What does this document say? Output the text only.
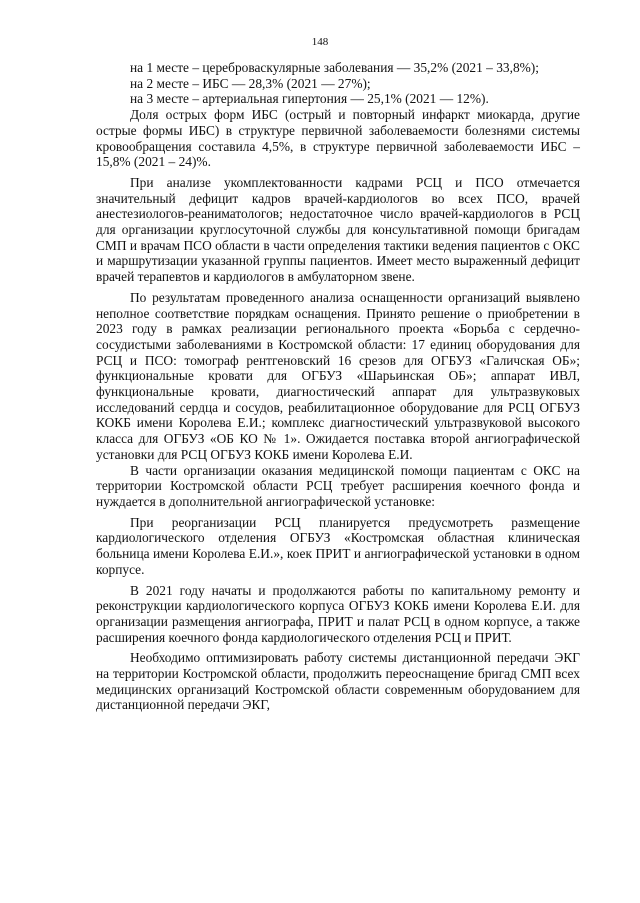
148

на 1 месте – цереброваскулярные заболевания — 35,2% (2021 – 33,8%);

на 2 месте – ИБС — 28,3% (2021 — 27%);

на 3 месте – артериальная гипертония — 25,1% (2021 — 12%).

Доля острых форм ИБС (острый и повторный инфаркт миокарда, другие острые формы ИБС) в структуре первичной заболеваемости болезнями системы кровообращения составила 4,5%, в структуре первичной заболеваемости ИБС –15,8% (2021 – 24)%.

При анализе укомплектованности кадрами РСЦ и ПСО отмечается значительный дефицит кадров врачей-кардиологов во всех ПСО, врачей анестезиологов-реаниматологов; недостаточное число врачей-кардиологов в РСЦ для организации круглосуточной службы для консультативной помощи бригадам СМП и врачам ПСО области в части определения тактики ведения пациентов с ОКС и маршрутизации указанной группы пациентов. Имеет место выраженный дефицит врачей терапевтов и кардиологов в амбулаторном звене.

По результатам проведенного анализа оснащенности организаций выявлено неполное соответствие порядкам оснащения. Принято решение о приобретении в 2023 году в рамках реализации регионального проекта «Борьба с сердечно-сосудистыми заболеваниями в Костромской области: 17 единиц оборудования для РСЦ и ПСО: томограф рентгеновский 16 срезов для ОГБУЗ «Галичская ОБ»; функциональные кровати для ОГБУЗ «Шарьинская ОБ»; аппарат ИВЛ, функциональные кровати, диагностический аппарат для ультразвуковых исследований сердца и сосудов, реабилитационное оборудование для РСЦ ОГБУЗ КОКБ имени Королева Е.И.; комплекс диагностический ультразвуковой высокого класса для ОГБУЗ «ОБ КО № 1». Ожидается поставка второй ангиографической установки для РСЦ ОГБУЗ КОКБ имени Королева Е.И.

В части организации оказания медицинской помощи пациентам с ОКС на территории Костромской области РСЦ требует расширения коечного фонда и нуждается в дополнительной ангиографической установке:

При реорганизации РСЦ планируется предусмотреть размещение кардиологического отделения ОГБУЗ «Костромская областная клиническая больница имени Королева Е.И.», коек ПРИТ и ангиографической установки в одном корпусе.

В 2021 году начаты и продолжаются работы по капитальному ремонту и реконструкции кардиологического корпуса ОГБУЗ КОКБ имени Королева Е.И. для организации размещения ангиографа, ПРИТ и палат РСЦ в одном корпусе, а также расширения коечного фонда кардиологического отделения РСЦ и ПРИТ.

Необходимо оптимизировать работу системы дистанционной передачи ЭКГ на территории Костромской области, продолжить переоснащение бригад СМП всех медицинских организаций Костромской области современным оборудованием для дистанционной передачи ЭКГ,
